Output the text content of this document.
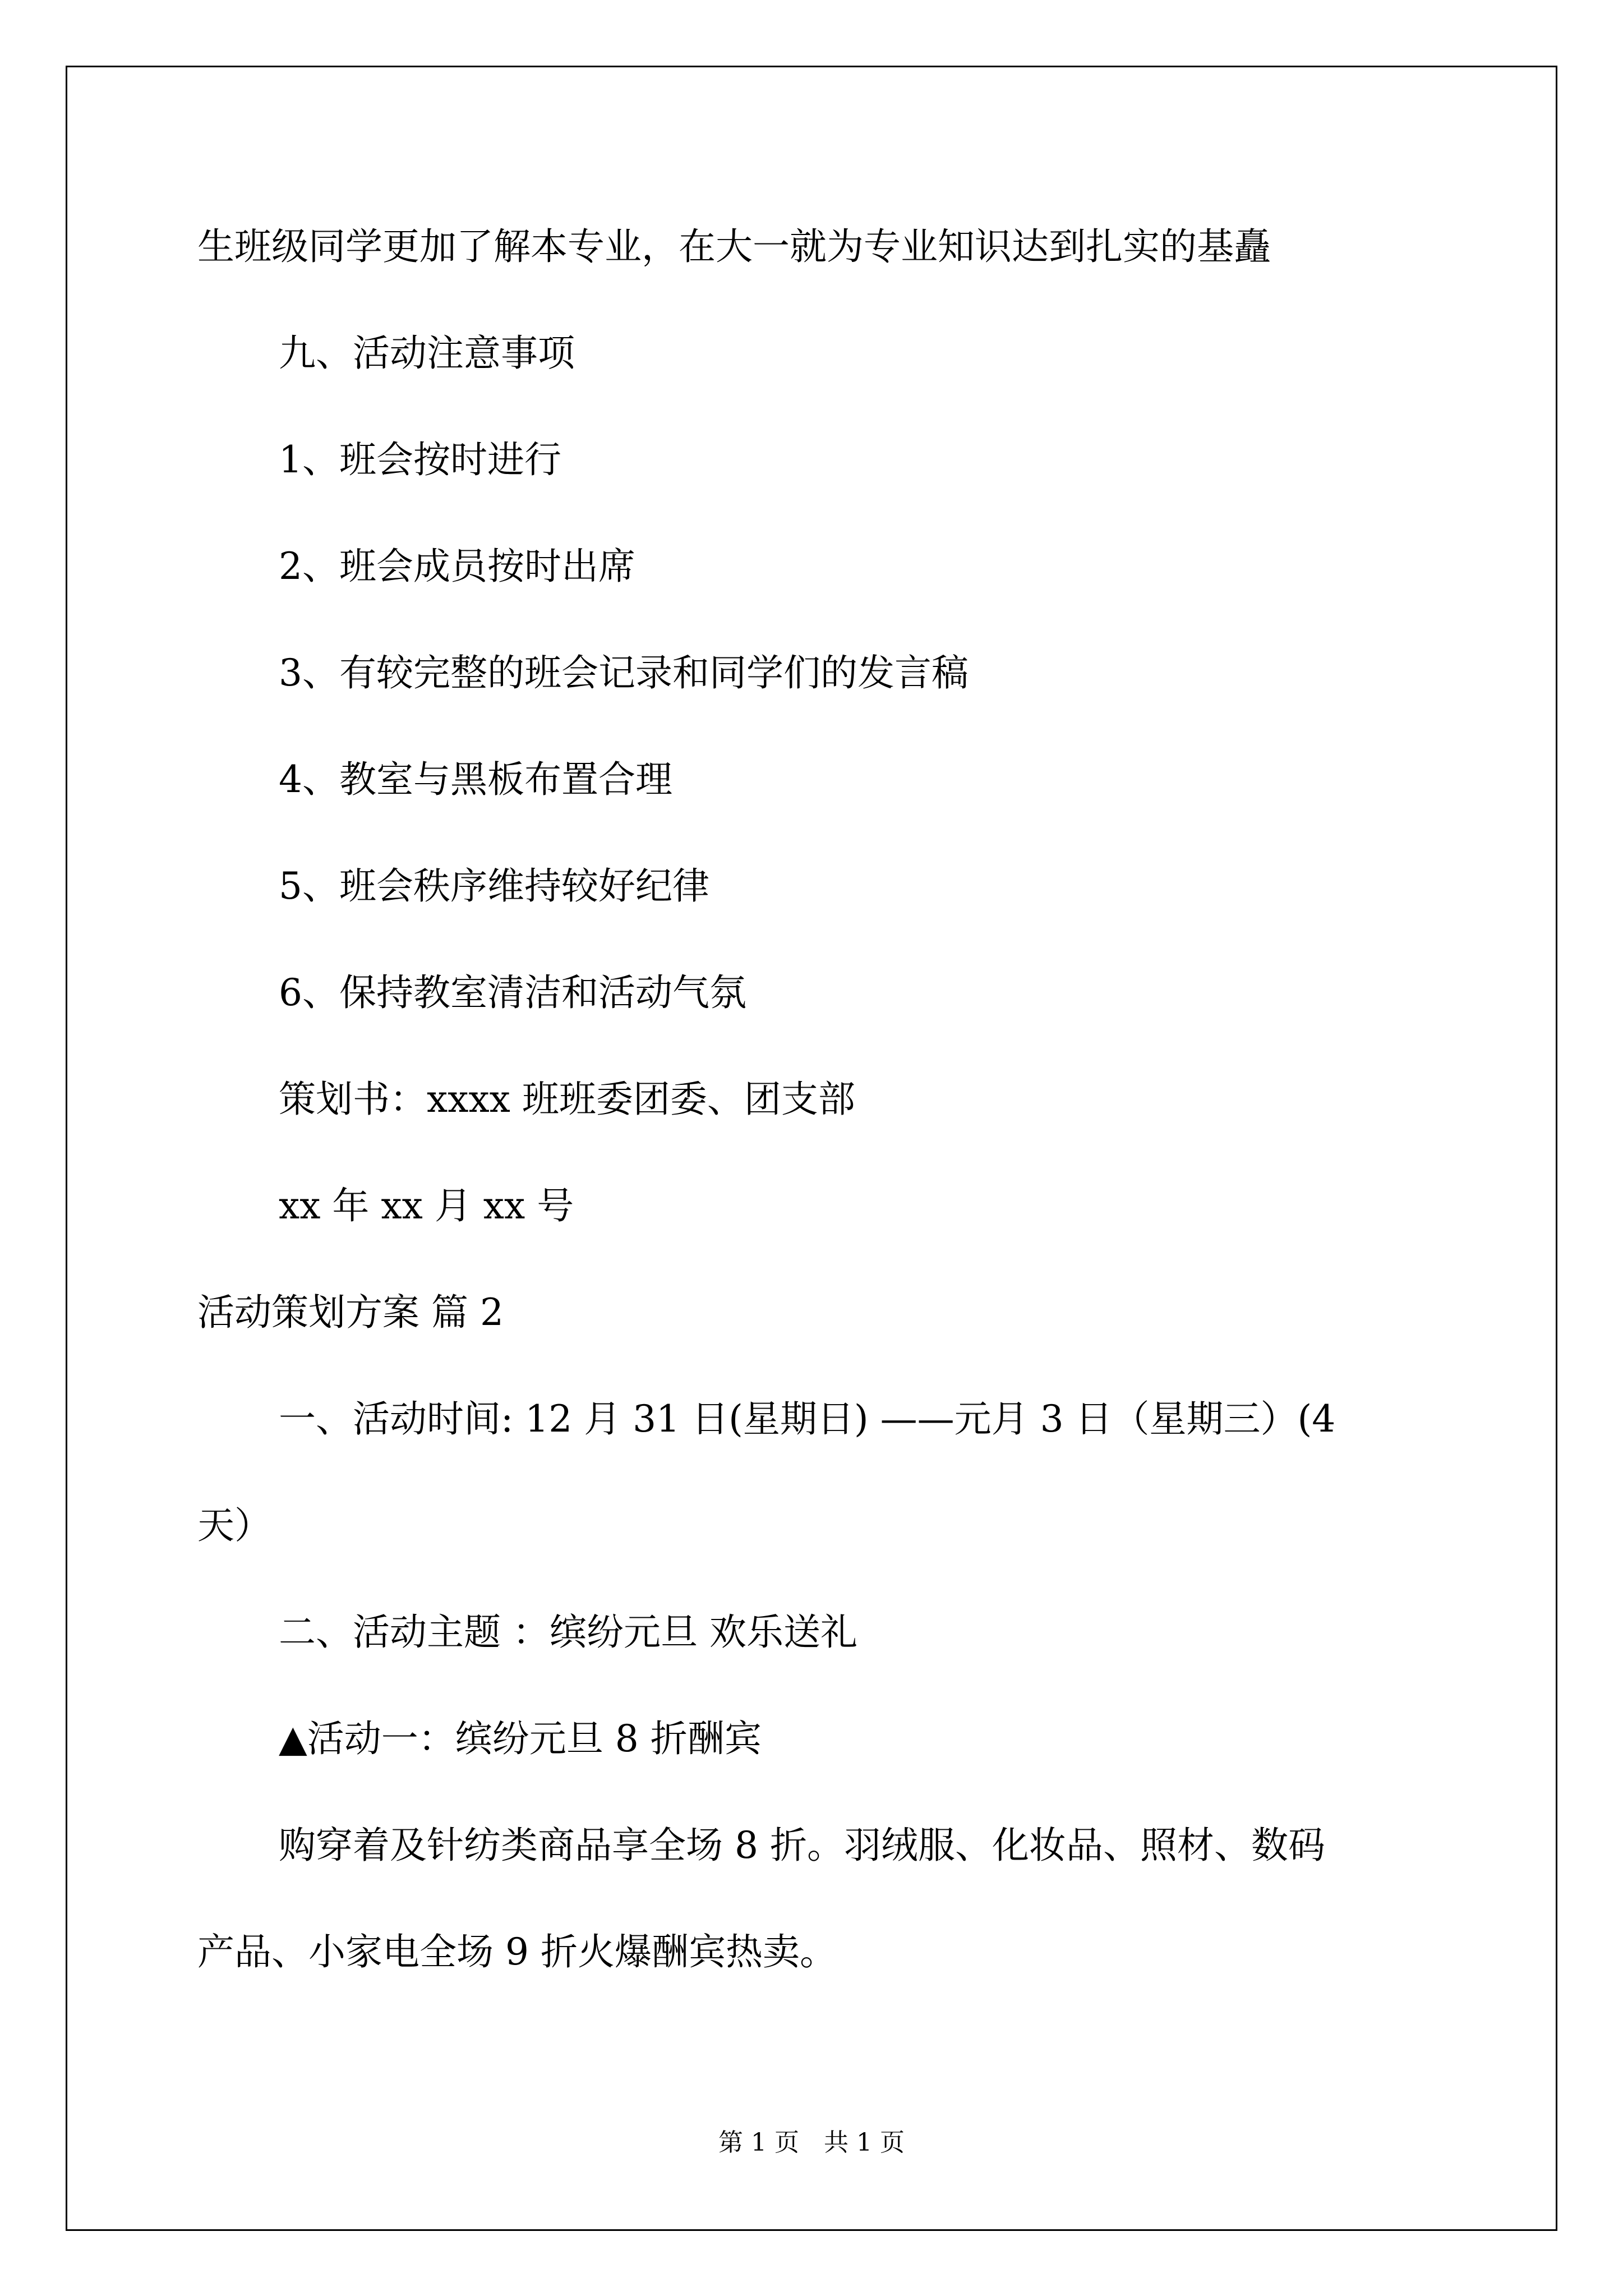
生班级同学更加了解本专业，在大一就为专业知识达到扎实的基矗
九、活动注意事项
1、班会按时进行
2、班会成员按时出席
3、有较完整的班会记录和同学们的发言稿
4、教室与黑板布置合理
5、班会秩序维持较好纪律
6、保持教室清洁和活动气氛
策划书：xxxx 班班委团委、团支部
xx 年 xx 月 xx 号
活动策划方案 篇 2
一、活动时间: 12 月 31 日(星期日) ——元月 3 日（星期三）(4
天）
二、活动主题 ：缤纷元旦 欢乐送礼
▲活动一：缤纷元旦 8 折酬宾
购穿着及针纺类商品享全场 8 折。羽绒服、化妆品、照材、数码
产品、小家电全场 9 折火爆酬宾热卖。
第 1 页　共 1 页
